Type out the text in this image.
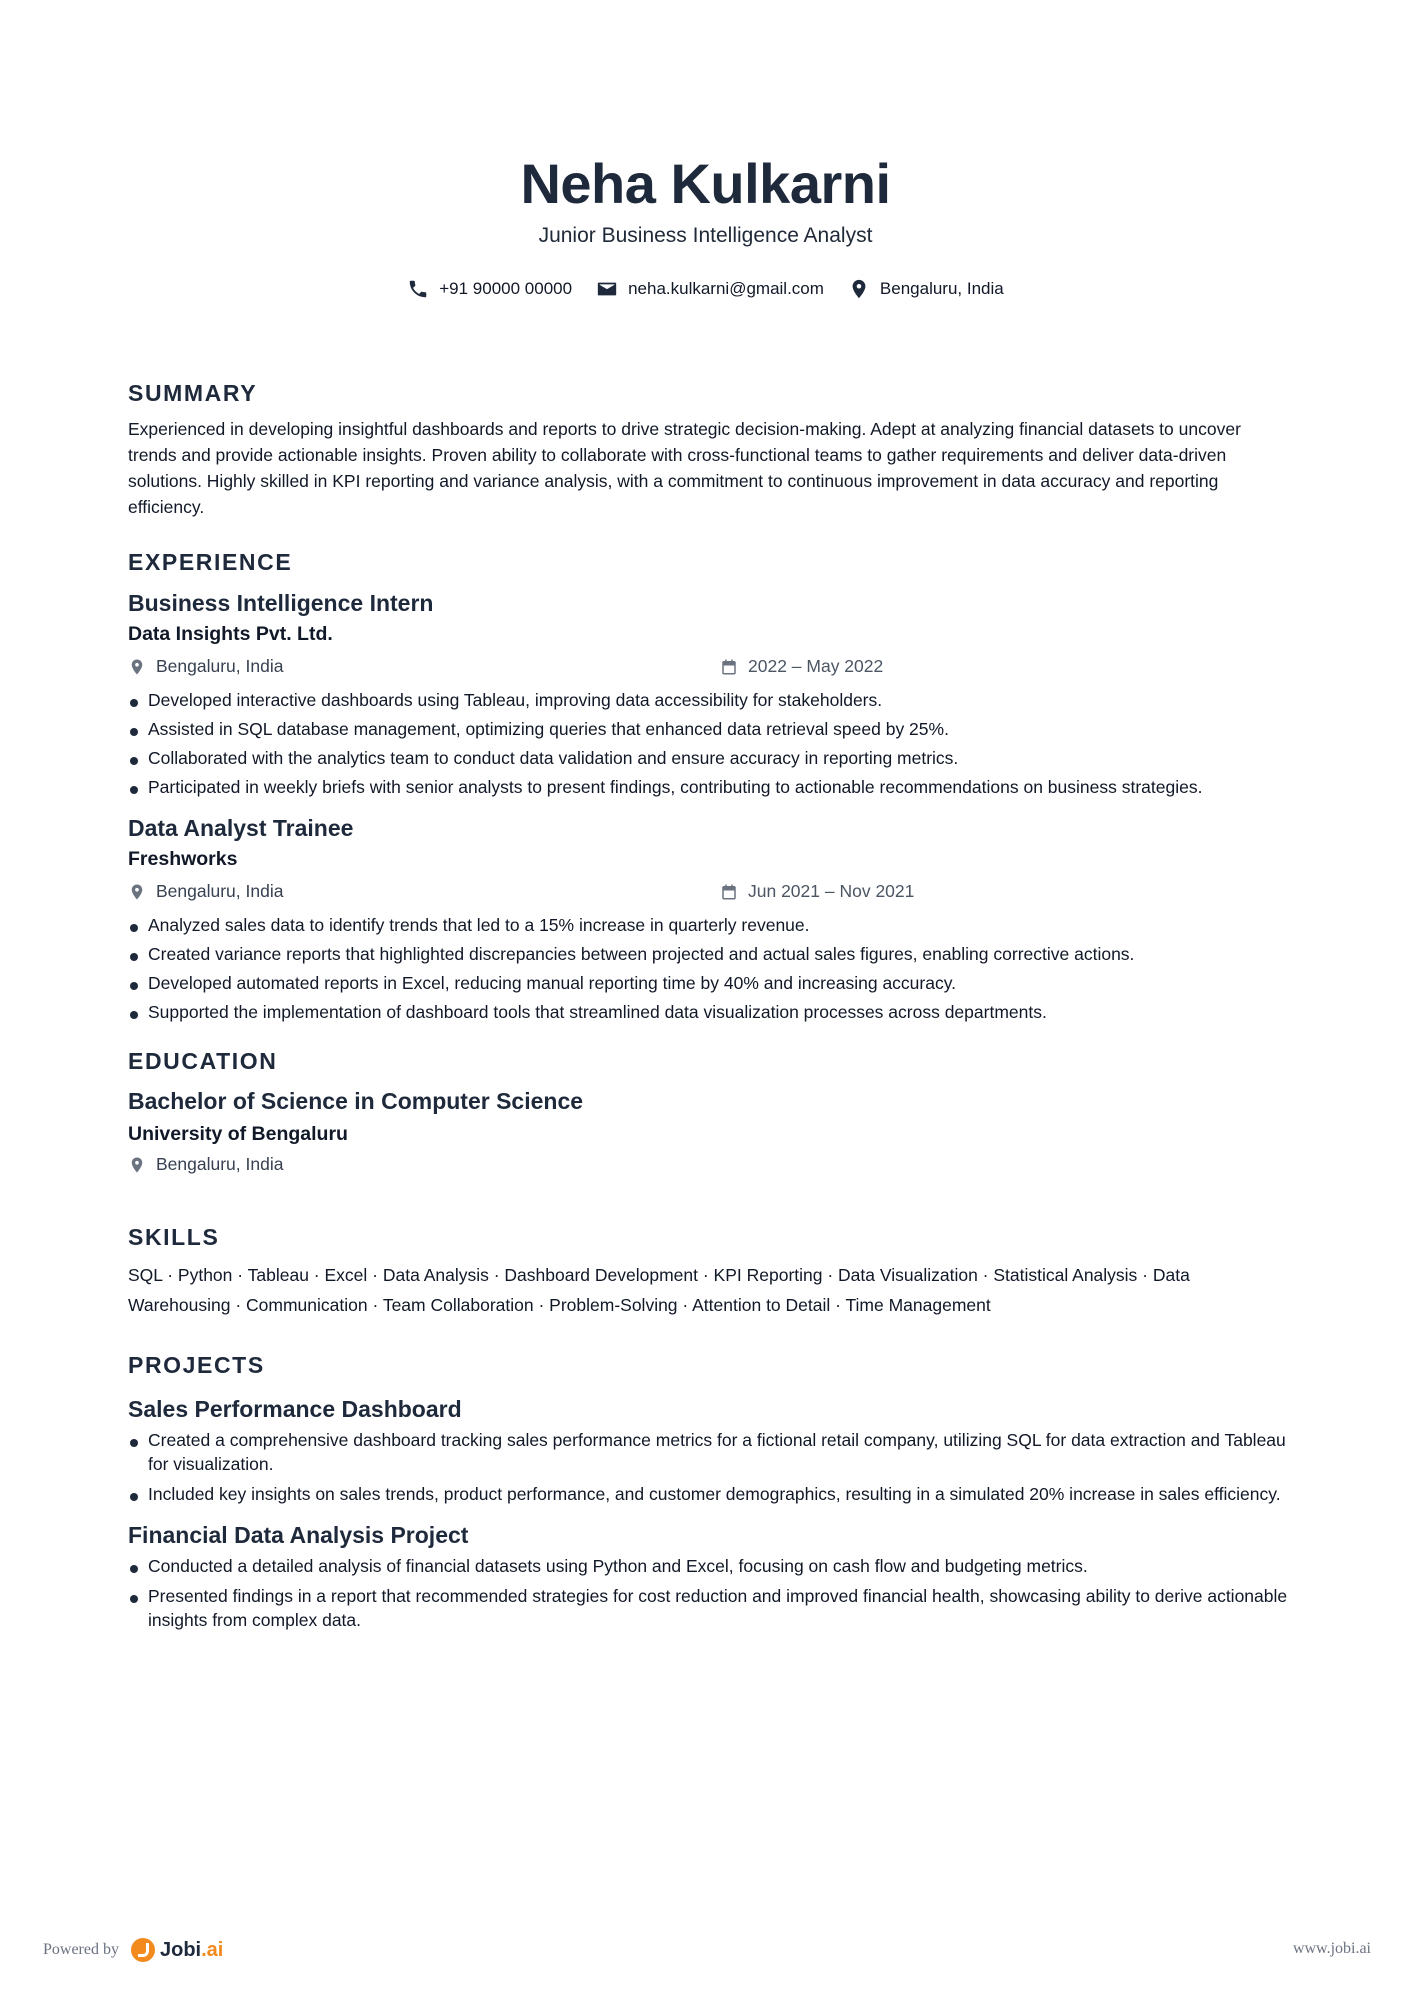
Neha Kulkarni
Junior Business Intelligence Analyst
+91 90000 00000	neha.kulkarni@gmail.com	Bengaluru, India
SUMMARY

Experienced in developing insightful dashboards and reports to drive strategic decision-making. Adept at analyzing financial datasets to uncover trends and provide actionable insights. Proven ability to collaborate with cross-functional teams to gather requirements and deliver data-driven solutions. Highly skilled in KPI reporting and variance analysis, with a commitment to continuous improvement in data accuracy and reporting efficiency.

EXPERIENCE
Business Intelligence Intern
Data Insights Pvt. Ltd.
Bengaluru, India	2022 – May 2022
Developed interactive dashboards using Tableau, improving data accessibility for stakeholders.
Assisted in SQL database management, optimizing queries that enhanced data retrieval speed by 25%.
Collaborated with the analytics team to conduct data validation and ensure accuracy in reporting metrics.
Participated in weekly briefs with senior analysts to present findings, contributing to actionable recommendations on business strategies.
Data Analyst Trainee
Freshworks
Bengaluru, India	Jun 2021 – Nov 2021
Analyzed sales data to identify trends that led to a 15% increase in quarterly revenue.
Created variance reports that highlighted discrepancies between projected and actual sales figures, enabling corrective actions.
Developed automated reports in Excel, reducing manual reporting time by 40% and increasing accuracy.
Supported the implementation of dashboard tools that streamlined data visualization processes across departments.
EDUCATION
Bachelor of Science in Computer Science
University of Bengaluru
Bengaluru, India
SKILLS

SQL · Python · Tableau · Excel · Data Analysis · Dashboard Development · KPI Reporting · Data Visualization · Statistical Analysis · Data Warehousing · Communication · Team Collaboration · Problem-Solving · Attention to Detail · Time Management

PROJECTS
Sales Performance Dashboard
Created a comprehensive dashboard tracking sales performance metrics for a fictional retail company, utilizing SQL for data extraction and Tableau for visualization.
Included key insights on sales trends, product performance, and customer demographics, resulting in a simulated 20% increase in sales efficiency.
Financial Data Analysis Project
Conducted a detailed analysis of financial datasets using Python and Excel, focusing on cash flow and budgeting metrics.
Presented findings in a report that recommended strategies for cost reduction and improved financial health, showcasing ability to derive actionable insights from complex data.
Powered by Jobi .ai	www.jobi.ai
